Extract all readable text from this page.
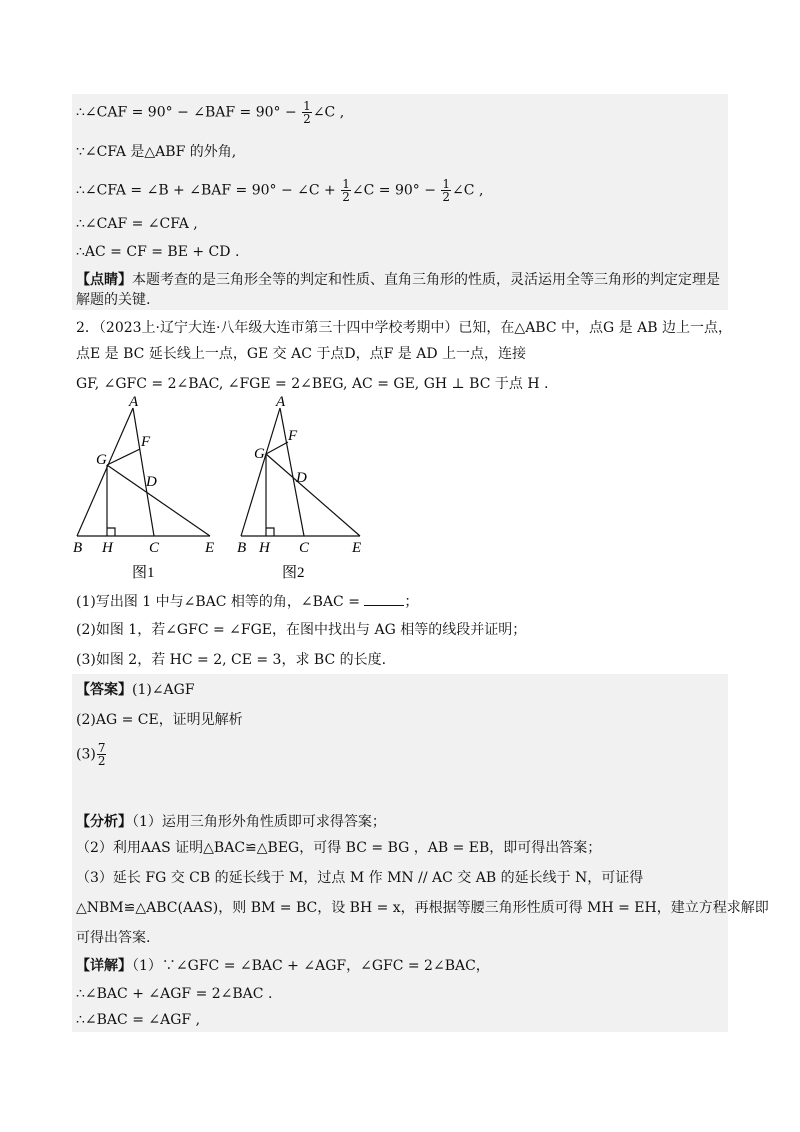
∴∠CAF = 90° − ∠BAF = $90^\circ - \frac{1}{2}$ ∠C ,
∵∠CFA 是△ABF 的外角,
∴∠CFA = ∠B + ∠BAF = 90° − ∠C + $\frac{1}{2}$ ∠C = $90^\circ - \frac{1}{2}$ ∠C ,
∴∠CAF = ∠CFA ,
∴AC = CF = BE + CD .
【点睛】本题考查的是三角形全等的判定和性质、直角三角形的性质，灵活运用全等三角形的判定定理是
解题的关键.
2．（2023上·辽宁大连·八年级大连市第三十四中学校考期中）已知，在△ABC 中，点G 是 AB 边上一点，
点E 是 BC 延长线上一点，GE 交 AC 于点D，点F 是 AD 上一点，连接
GF, ∠GFC = 2∠BAC, ∠FGE = 2∠BEG, AC = GE, GH ⊥ BC 于点 H .
A
F
G
D
B H C	E
图1
A
F
G
D
B H C	E
图2
(1)写出图 1 中与∠BAC 相等的角，∠BAC =	；
(2)如图 1，若∠GFC = ∠FGE，在图中找出与 AG 相等的线段并证明；
(3)如图 2，若 HC = 2, CE = 3，求 BC 的长度.
【答案】(1)∠AGF
(2)AG = CE，证明见解析
$(3) \frac{7}{2}$
【分析】（1）运用三角形外角性质即可求得答案；
（2）利用AAS 证明△BAC≌△BEG，可得 BC = BG ，AB = EB，即可得出答案；
（3）延长 FG 交 CB 的延长线于 M，过点 M 作 MN // AC 交 AB 的延长线于 N，可证得
△NBM≌△ABC(AAS)，则 BM = BC，设 BH = x，再根据等腰三角形性质可得 MH = EH，建立方程求解即
可得出答案.
【详解】（1）∵∠GFC = ∠BAC + ∠AGF，∠GFC = 2∠BAC，
∴∠BAC + ∠AGF = 2∠BAC .
∴∠BAC = ∠AGF ,
